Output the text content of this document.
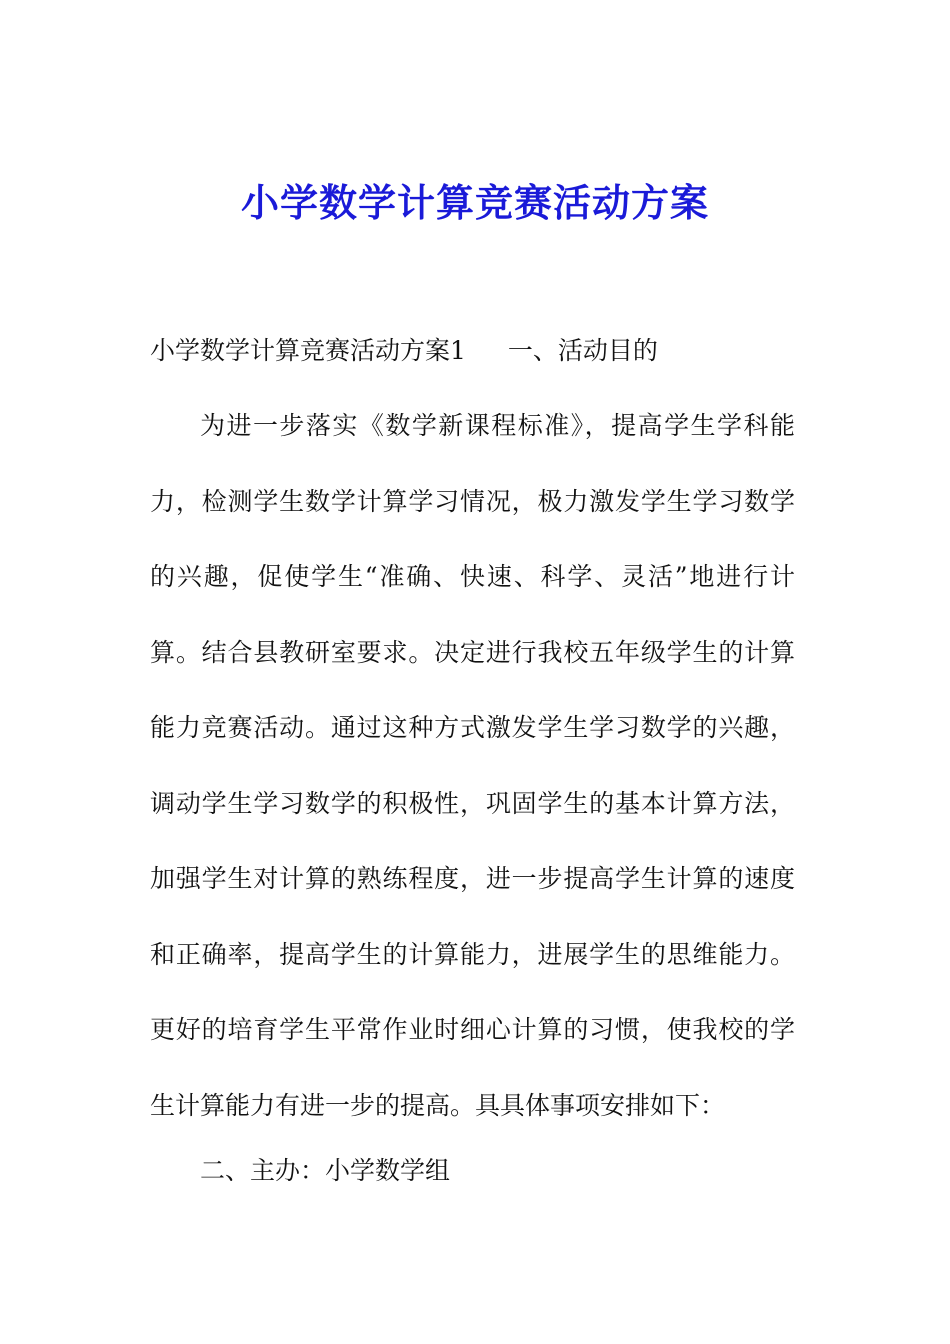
小学数学计算竞赛活动方案
小学数学计算竞赛活动方案1 一、活动目的

为进一步落实《数学新课程标准》，提高学生学科能力，检测学生数学计算学习情况，极力激发学生学习数学的兴趣，促使学生“准确、快速、科学、灵活”地进行计算。结合县教研室要求。决定进行我校五年级学生的计算能力竞赛活动。通过这种方式激发学生学习数学的兴趣，调动学生学习数学的积极性，巩固学生的基本计算方法，加强学生对计算的熟练程度，进一步提高学生计算的速度和正确率，提高学生的计算能力，进展学生的思维能力。更好的培育学生平常作业时细心计算的习惯，使我校的学生计算能力有进一步的提高。具具体事项安排如下：

二、主办：小学数学组
